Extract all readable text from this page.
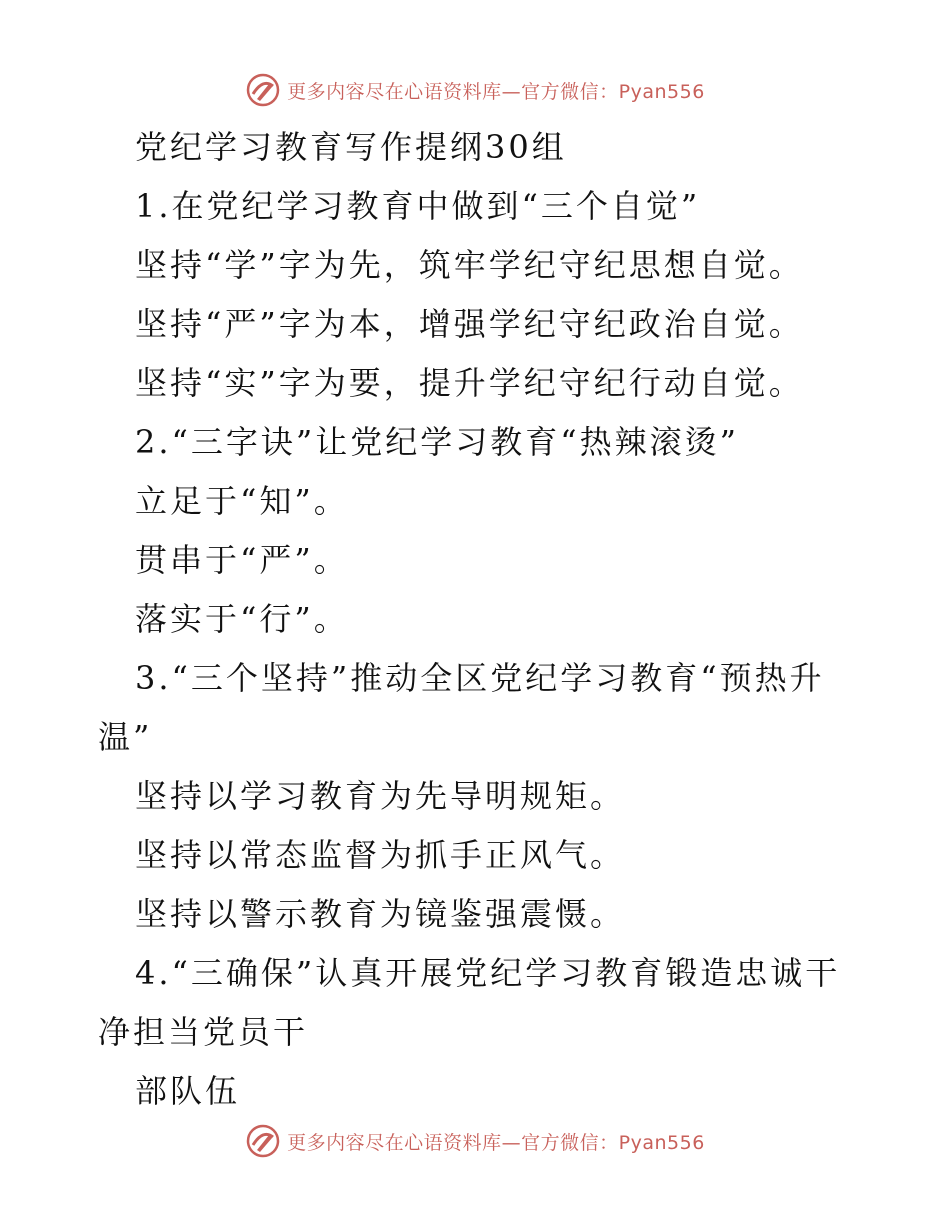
更多内容尽在心语资料库—官方微信：Pyan556
党纪学习教育写作提纲30组
1.在党纪学习教育中做到“三个自觉”
坚持“学”字为先，筑牢学纪守纪思想自觉。
坚持“严”字为本，增强学纪守纪政治自觉。
坚持“实”字为要，提升学纪守纪行动自觉。
2.“三字诀”让党纪学习教育“热辣滚烫”
立足于“知”。
贯串于“严”。
落实于“行”。
3.“三个坚持”推动全区党纪学习教育“预热升
温”
坚持以学习教育为先导明规矩。
坚持以常态监督为抓手正风气。
坚持以警示教育为镜鉴强震慑。
4.“三确保”认真开展党纪学习教育锻造忠诚干
净担当党员干
部队伍
更多内容尽在心语资料库—官方微信：Pyan556
